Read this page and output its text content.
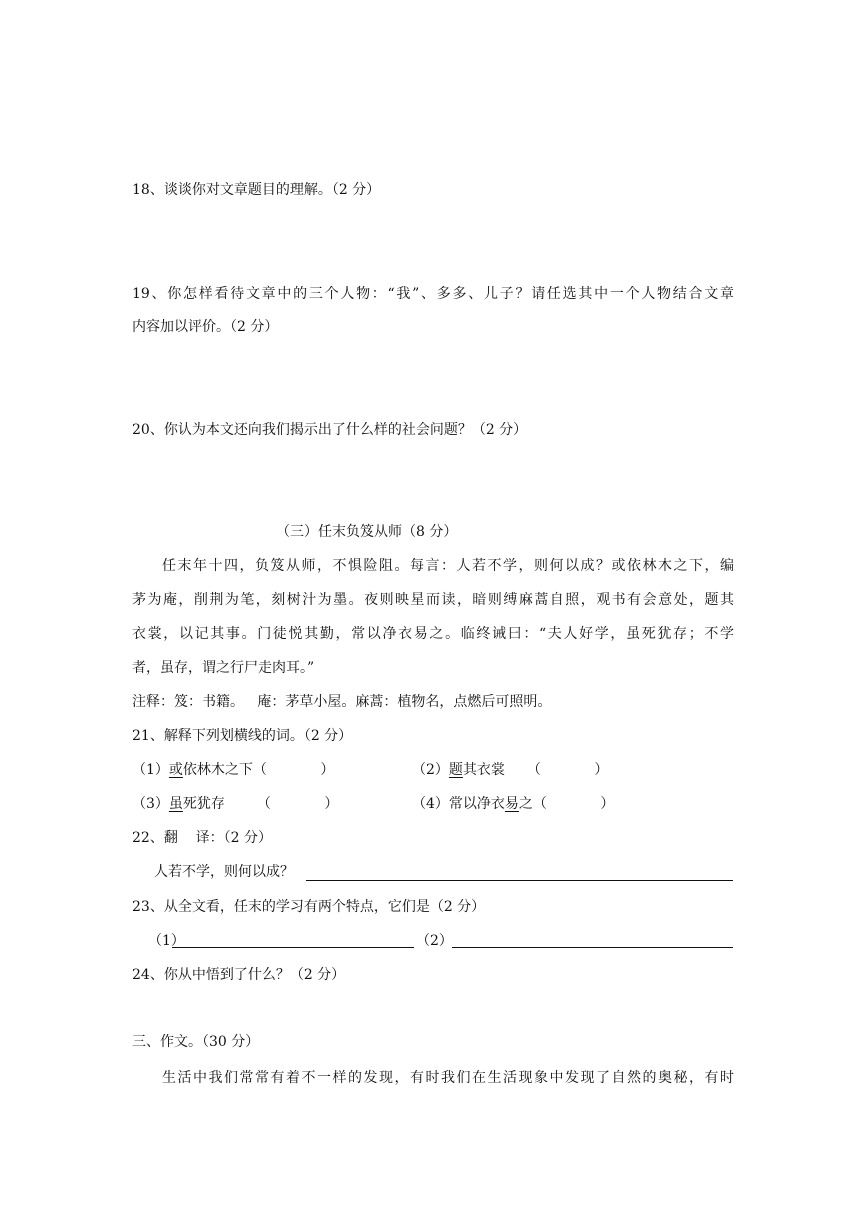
18、谈谈你对文章题目的理解。（2 分）
19、你怎样看待文章中的三个人物：“我”、多多、儿子？请任选其中一个人物结合文章
内容加以评价。（2 分）
20、你认为本文还向我们揭示出了什么样的社会问题？（2 分）
（三）任末负笈从师（8 分）
任末年十四，负笈从师，不惧险阻。每言：人若不学，则何以成？或依林木之下，编
茅为庵，削荆为笔，刻树汁为墨。夜则映星而读，暗则缚麻蒿自照，观书有会意处，题其
衣裳，以记其事。门徒悦其勤，常以净衣易之。临终诫曰：“夫人好学，虽死犹存；不学
者，虽存，谓之行尸走肉耳。”
注释：笈：书籍。   庵：茅草小屋。麻蒿：植物名，点燃后可照明。
21、解释下列划横线的词。（2 分）
（1）或依林木之下（            ）	（2）题其衣裳 （            ）
（3）虽死犹存 （            ）	（4）常以净衣易之（            ）
22、翻    译：（2 分）
人若不学，则何以成？
23、从全文看，任末的学习有两个特点，它们是（2 分）
（1）	（2）
24、你从中悟到了什么？（2 分）
三、作文。（30 分）
生活中我们常常有着不一样的发现，有时我们在生活现象中发现了自然的奥秘，有时
